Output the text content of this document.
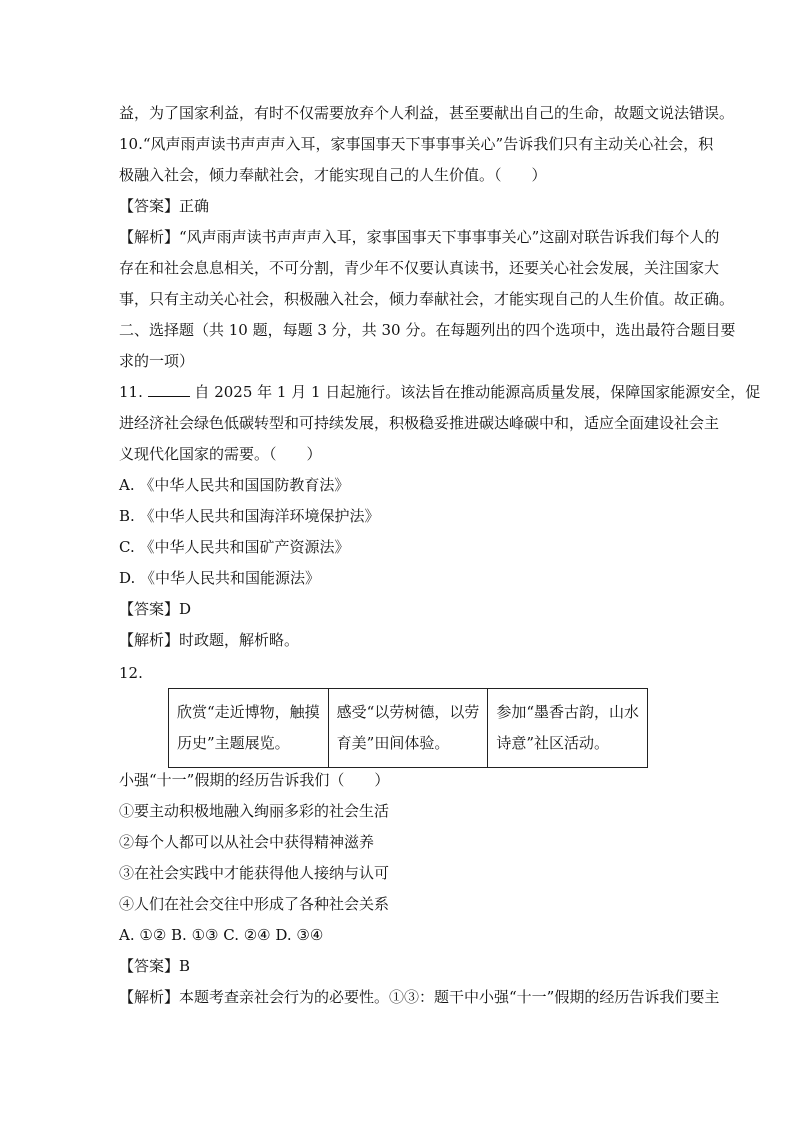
益，为了国家利益，有时不仅需要放弃个人利益，甚至要献出自己的生命，故题文说法错误。
10.“风声雨声读书声声声入耳，家事国事天下事事事关心”告诉我们只有主动关心社会，积
极融入社会，倾力奉献社会，才能实现自己的人生价值。（　　）
【答案】正确
【解析】“风声雨声读书声声声入耳，家事国事天下事事事关心”这副对联告诉我们每个人的
存在和社会息息相关，不可分割，青少年不仅要认真读书，还要关心社会发展，关注国家大
事，只有主动关心社会，积极融入社会，倾力奉献社会，才能实现自己的人生价值。故正确。
二、选择题（共 10 题，每题 3 分，共 30 分。在每题列出的四个选项中，选出最符合题目要
求的一项）
11.	自 2025 年 1 月 1 日起施行。该法旨在推动能源高质量发展，保障国家能源安全，促
进经济社会绿色低碳转型和可持续发展，积极稳妥推进碳达峰碳中和，适应全面建设社会主
义现代化国家的需要。（　　）
A. 《中华人民共和国国防教育法》
B. 《中华人民共和国海洋环境保护法》
C. 《中华人民共和国矿产资源法》
D. 《中华人民共和国能源法》
【答案】D
【解析】时政题，解析略。
12.
欣赏“走近博物，触摸
历史”主题展览。

感受“以劳树德，以劳
育美”田间体验。

参加“墨香古韵，山水
诗意”社区活动。
小强“十一”假期的经历告诉我们（　　）
①要主动积极地融入绚丽多彩的社会生活
②每个人都可以从社会中获得精神滋养
③在社会实践中才能获得他人接纳与认可
④人们在社会交往中形成了各种社会关系
A. ①② B. ①③ C. ②④ D. ③④
【答案】B
【解析】本题考查亲社会行为的必要性。①③：题干中小强“十一”假期的经历告诉我们要主
